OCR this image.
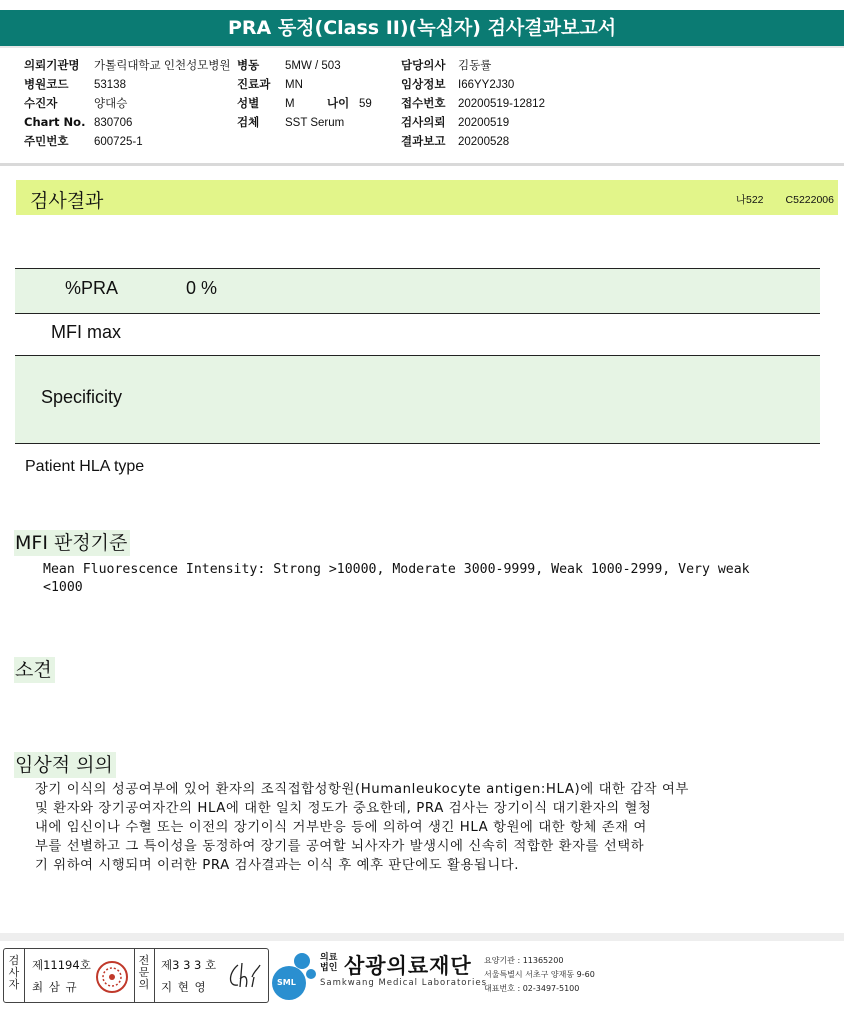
PRA 동정(Class II)(녹십자) 검사결과보고서
의뢰기관명 가톨릭대학교 인천성모병원
병원코드 53138
수진자	양대승
Chart No. 830706
주민번호 600725-1
병동 5MW / 503
진료과 MN
성별 M	나이 59
검체 SST Serum
담당의사 김동률
임상정보 I66YY2J30
접수번호 20200519-12812
검사의뢰 20200519
결과보고 20200528
검사결과	나522 C5222006
%PRA	0 %
MFI max
Specificity
Patient HLA type
MFI 판정기준
Mean Fluorescence Intensity: Strong >10000, Moderate 3000-9999, Weak 1000-2999, Very weak
<1000
소견
임상적 의의
장기 이식의 성공여부에 있어 환자의 조직접합성항원(Humanleukocyte antigen:HLA)에 대한 감작 여부
및 환자와 장기공여자간의 HLA에 대한 일치 정도가 중요한데, PRA 검사는 장기이식 대기환자의 혈청
내에 임신이나 수혈 또는 이전의 장기이식 거부반응 등에 의하여 생긴 HLA 항원에 대한 항체 존재 여
부를 선별하고 그 특이성을 동정하여 장기를 공여할 뇌사자가 발생시에 신속히 적합한 환자를 선택하
기 위하여 시행되며 이러한 PRA 검사결과는 이식 후 예후 판단에도 활용됩니다.
검
사
자
제11194호
최 삼 규
전
문
의
제3 3 3 호
지 현 영	SML
의료
법인 삼광의료재단
Samkwang Medical Laboratories
요양기관 : 11365200
서울특별시 서초구 양재동 9-60
대표번호 : 02-3497-5100
